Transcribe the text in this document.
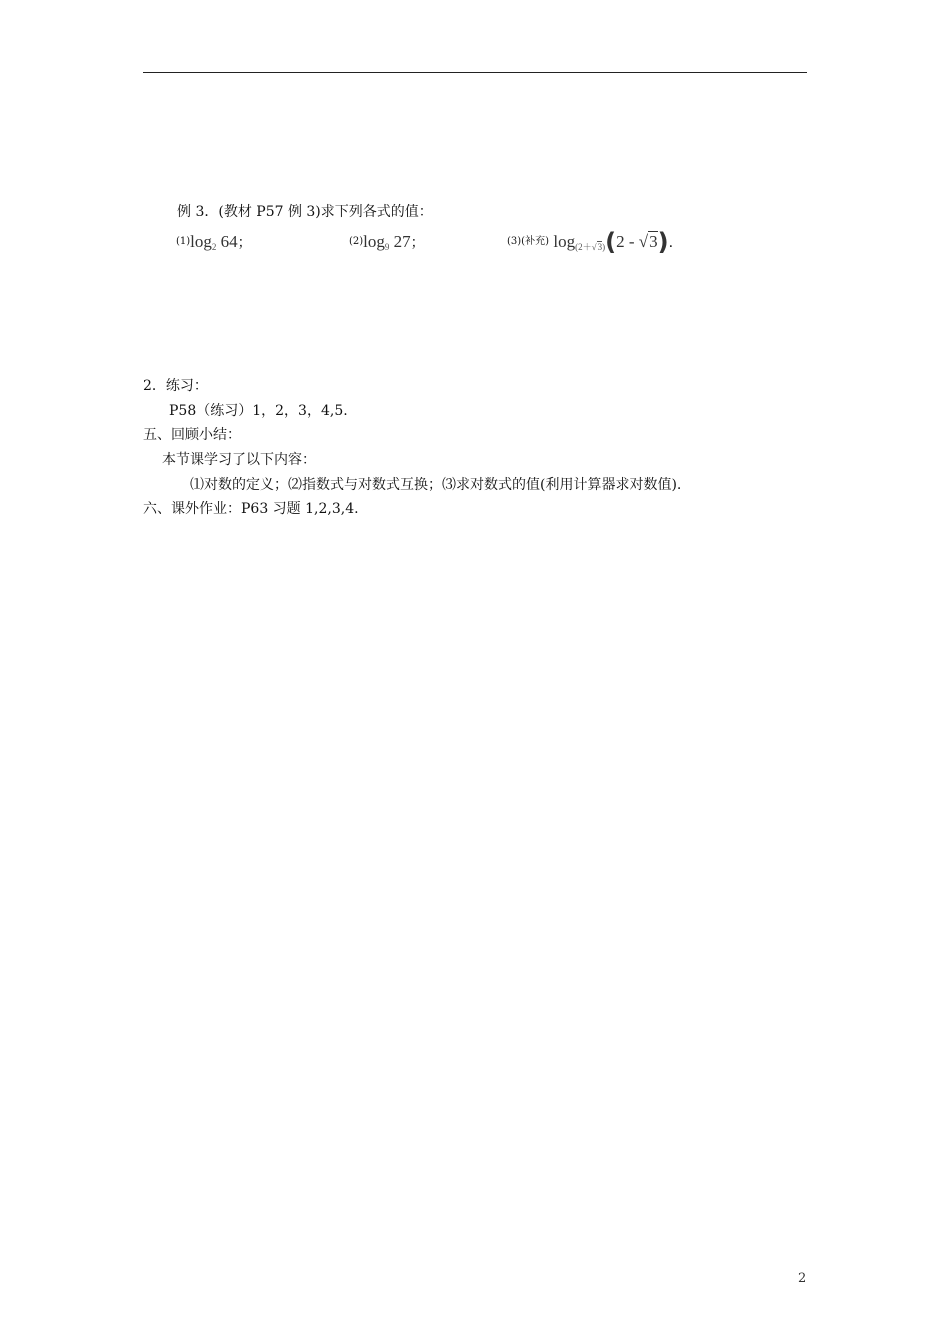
例 3．(教材 P57 例 3)求下列各式的值：
$^{(1)}\log_2$ 64；	$^{(2)}\log_9$ 27；	$^{(3)(补充)}$ $\log_{(2+√3)}(2 - √3)$.
2．练习：
P58（练习）1，2，3，4,5.
五、回顾小结：
本节课学习了以下内容：
⑴对数的定义；⑵指数式与对数式互换；⑶求对数式的值(利用计算器求对数值).
六、课外作业：P63 习题 1,2,3,4.
2
